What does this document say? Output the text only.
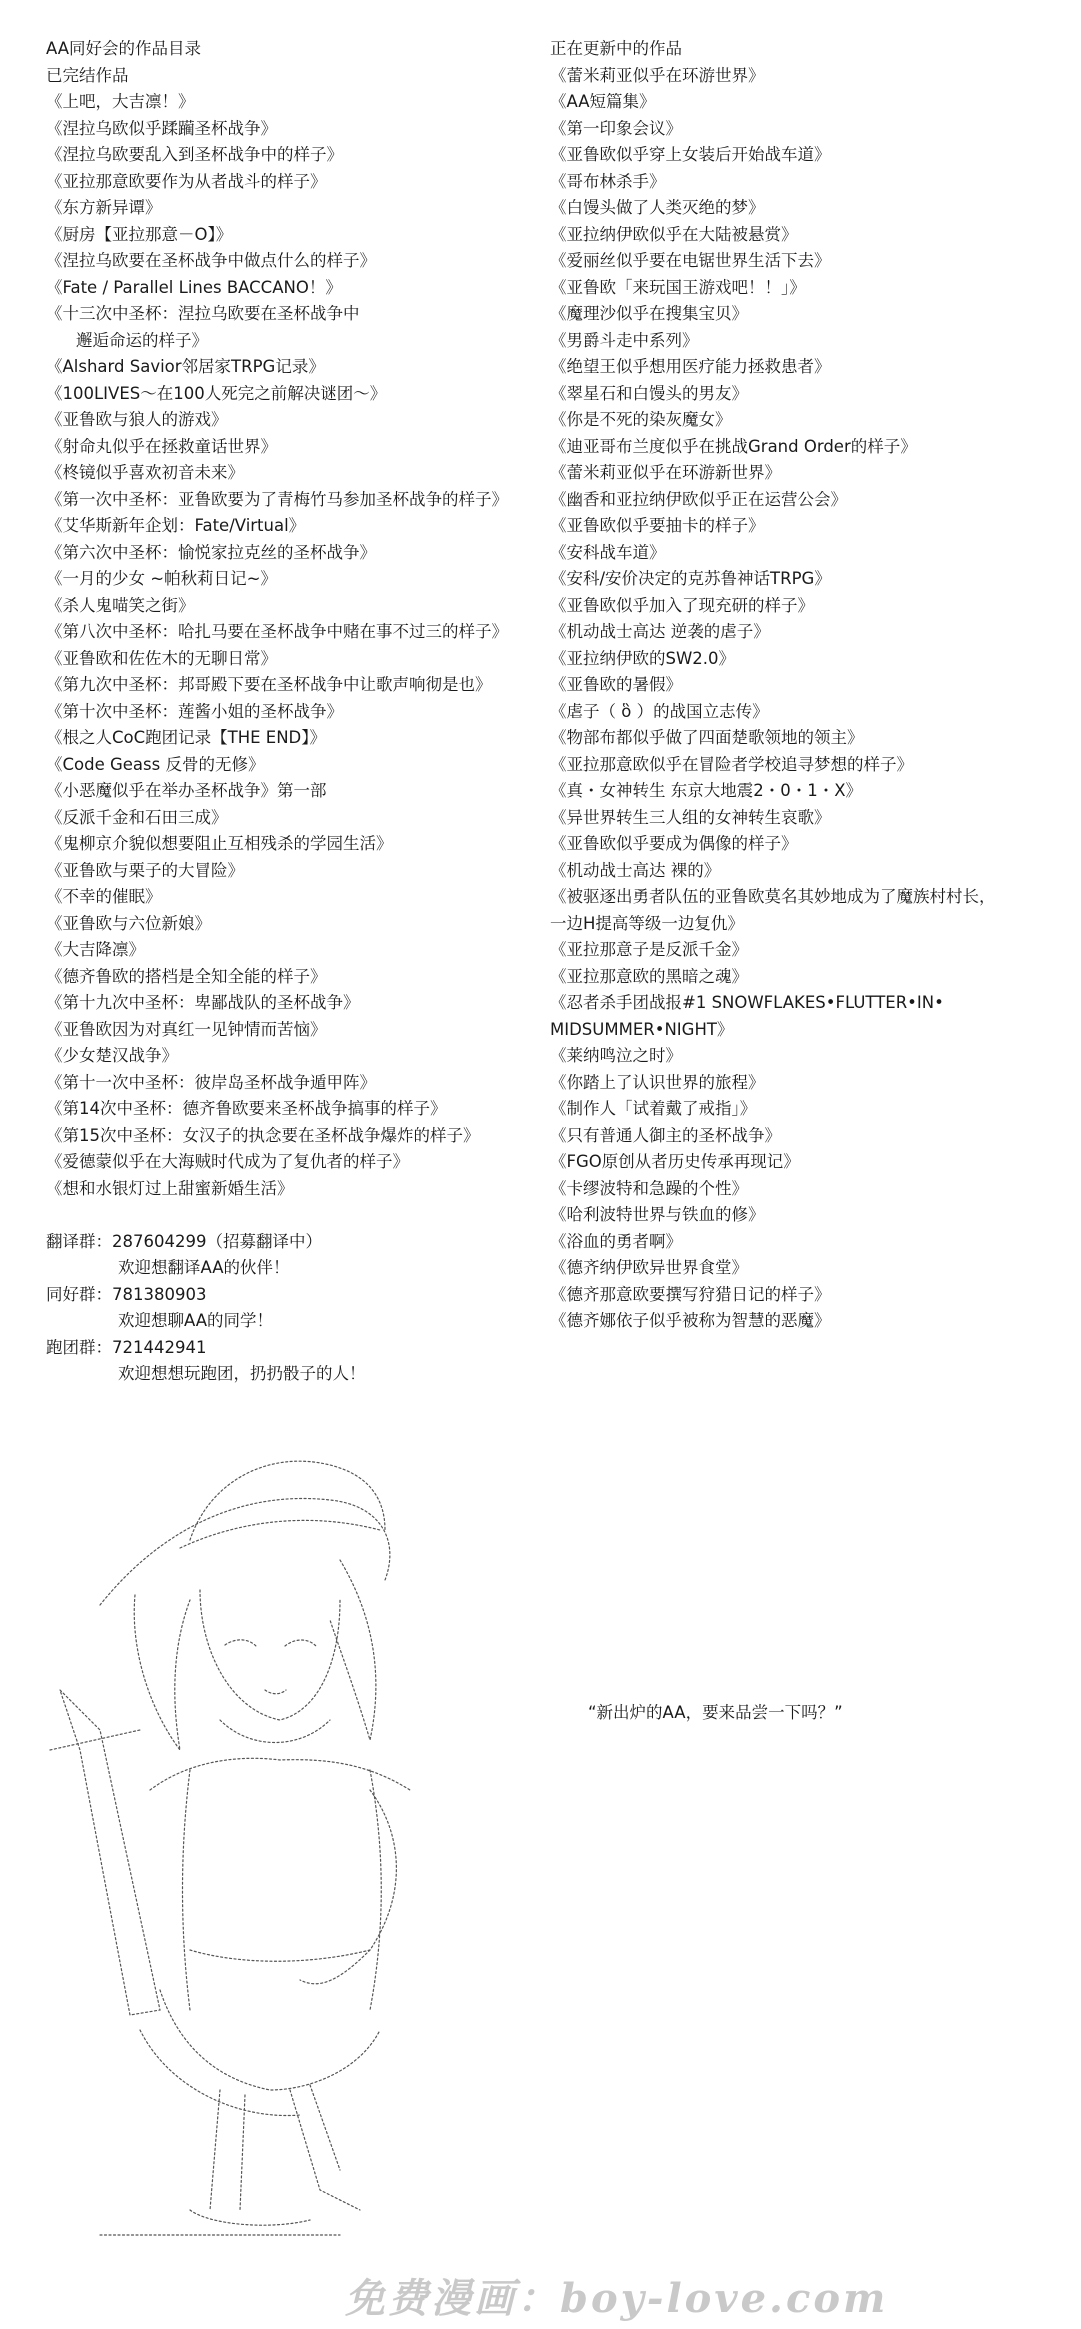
AA同好会的作品目录
已完结作品
《上吧，大吉凛！》
《涅拉乌欧似乎蹂躏圣杯战争》
《涅拉乌欧要乱入到圣杯战争中的样子》
《亚拉那意欧要作为从者战斗的样子》
《东方新异谭》
《厨房【亚拉那意－O】》
《涅拉乌欧要在圣杯战争中做点什么的样子》
《Fate / Parallel Lines BACCANO！》
《十三次中圣杯：涅拉乌欧要在圣杯战争中
邂逅命运的样子》
《Alshard Savior邻居家TRPG记录》
《100LIVES～在100人死完之前解决谜团～》
《亚鲁欧与狼人的游戏》
《射命丸似乎在拯救童话世界》
《柊镜似乎喜欢初音未来》
《第一次中圣杯：亚鲁欧要为了青梅竹马参加圣杯战争的样子》
《艾华斯新年企划：Fate/Virtual》
《第六次中圣杯：愉悦家拉克丝的圣杯战争》
《一月的少女 ~帕秋莉日记~》
《杀人鬼喵笑之街》
《第八次中圣杯：哈扎马要在圣杯战争中赌在事不过三的样子》
《亚鲁欧和佐佐木的无聊日常》
《第九次中圣杯：邦哥殿下要在圣杯战争中让歌声响彻是也》
《第十次中圣杯：莲酱小姐的圣杯战争》
《根之人CoC跑团记录【THE END】》
《Code Geass 反骨的无修》
《小恶魔似乎在举办圣杯战争》第一部
《反派千金和石田三成》
《鬼柳京介貌似想要阻止互相残杀的学园生活》
《亚鲁欧与栗子的大冒险》
《不幸的催眠》
《亚鲁欧与六位新娘》
《大吉降凛》
《德齐鲁欧的搭档是全知全能的样子》
《第十九次中圣杯：卑鄙战队的圣杯战争》
《亚鲁欧因为对真红一见钟情而苦恼》
《少女楚汉战争》
《第十一次中圣杯：彼岸岛圣杯战争遁甲阵》
《第14次中圣杯：德齐鲁欧要来圣杯战争搞事的样子》
《第15次中圣杯：女汉子的执念要在圣杯战争爆炸的样子》
《爱德蒙似乎在大海贼时代成为了复仇者的样子》
《想和水银灯过上甜蜜新婚生活》
翻译群：287604299（招募翻译中）
欢迎想翻译AA的伙伴！
同好群：781380903
欢迎想聊AA的同学！
跑团群：721442941
欢迎想想玩跑团，扔扔骰子的人！
正在更新中的作品
《蕾米莉亚似乎在环游世界》
《AA短篇集》
《第一印象会议》
《亚鲁欧似乎穿上女装后开始战车道》
《哥布林杀手》
《白馒头做了人类灭绝的梦》
《亚拉纳伊欧似乎在大陆被悬赏》
《爱丽丝似乎要在电锯世界生活下去》
《亚鲁欧「来玩国王游戏吧！！」》
《魔理沙似乎在搜集宝贝》
《男爵斗走中系列》
《绝望王似乎想用医疗能力拯救患者》
《翠星石和白馒头的男友》
《你是不死的染灰魔女》
《迪亚哥布兰度似乎在挑战Grand Order的样子》
《蕾米莉亚似乎在环游新世界》
《幽香和亚拉纳伊欧似乎正在运营公会》
《亚鲁欧似乎要抽卡的样子》
《安科战车道》
《安科/安价决定的克苏鲁神话TRPG》
《亚鲁欧似乎加入了现充研的样子》
《机动战士高达 逆袭的虐子》
《亚拉纳伊欧的SW2.0》
《亚鲁欧的暑假》
《虐子（ ὃ ）的战国立志传》
《物部布都似乎做了四面楚歌领地的领主》
《亚拉那意欧似乎在冒险者学校追寻梦想的样子》
《真・女神转生 东京大地震2・0・1・X》
《异世界转生三人组的女神转生哀歌》
《亚鲁欧似乎要成为偶像的样子》
《机动战士高达 裸的》
《被驱逐出勇者队伍的亚鲁欧莫名其妙地成为了魔族村村长，
一边H提高等级一边复仇》
《亚拉那意子是反派千金》
《亚拉那意欧的黑暗之魂》
《忍者杀手团战报#1 SNOWFLAKES•FLUTTER•IN•
MIDSUMMER•NIGHT》
《莱纳鸣泣之时》
《你踏上了认识世界的旅程》
《制作人「试着戴了戒指」》
《只有普通人御主的圣杯战争》
《FGO原创从者历史传承再现记》
《卡缪波特和急躁的个性》
《哈利波特世界与铁血的修》
《浴血的勇者啊》
《德齐纳伊欧异世界食堂》
《德齐那意欧要撰写狩猎日记的样子》
《德齐娜依子似乎被称为智慧的恶魔》
“新出炉的AA，要来品尝一下吗？”
免费漫画：boy-love.com
